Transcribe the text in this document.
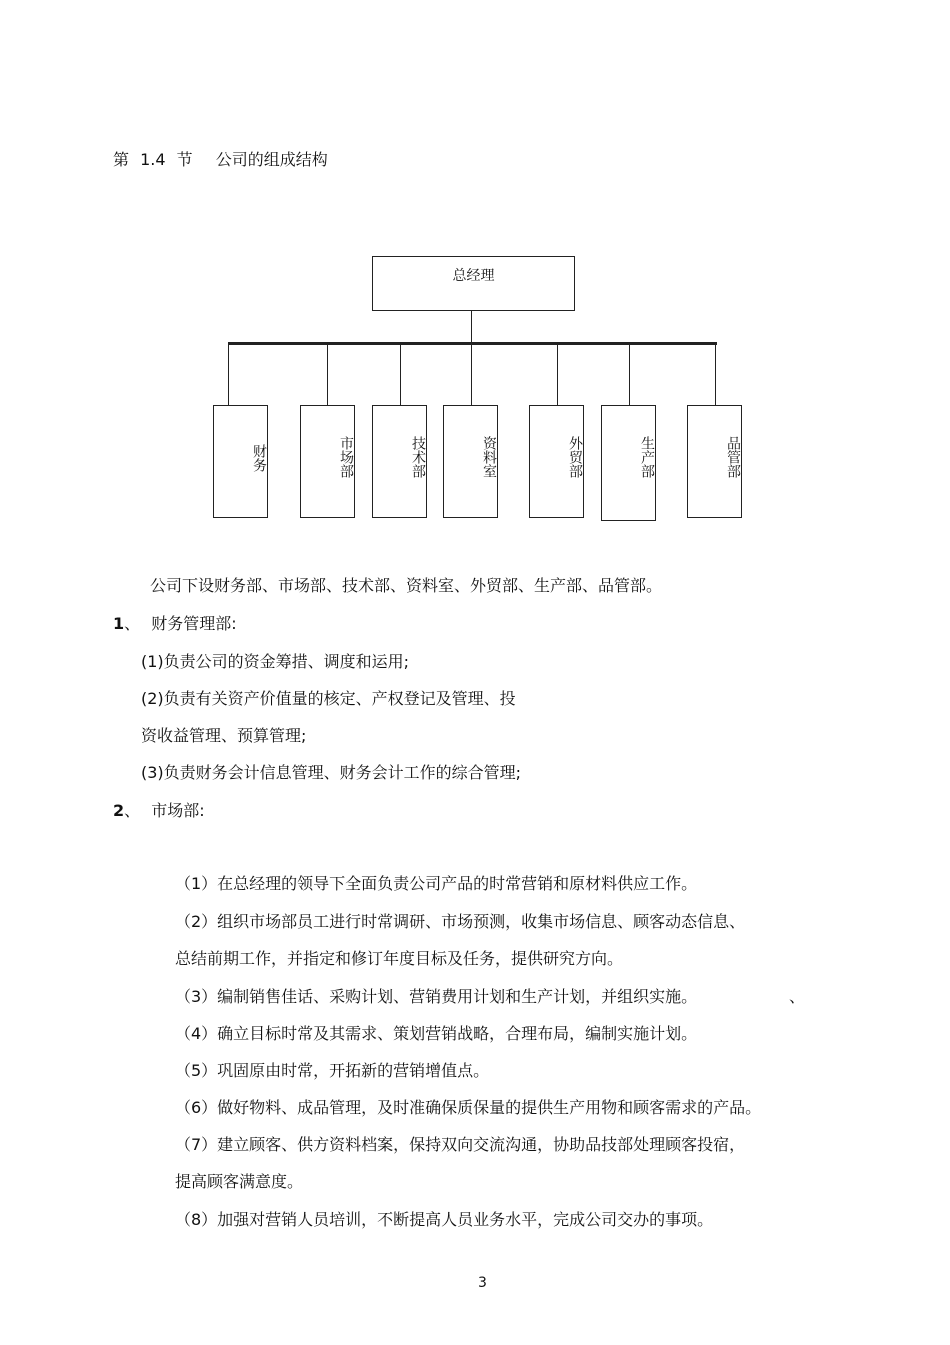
第 1.4 节 公司的组成结构
总经理
财务	市场部	技术部	资料室	外贸部	生产部	品管部
公司下设财务部、市场部、技术部、资料室、外贸部、生产部、品管部。
1、 财务管理部:
(1)负责公司的资金筹措、调度和运用;
(2)负责有关资产价值量的核定、产权登记及管理、投
资收益管理、预算管理;
(3)负责财务会计信息管理、财务会计工作的综合管理;
2、 市场部:
（1）在总经理的领导下全面负责公司产品的时常营销和原材料供应工作。
（2）组织市场部员工进行时常调研、市场预测，收集市场信息、顾客动态信息、
总结前期工作，并指定和修订年度目标及任务，提供研究方向。
（3）编制销售佳话、采购计划、营销费用计划和生产计划，并组织实施。	、
（4）确立目标时常及其需求、策划营销战略，合理布局，编制实施计划。
（5）巩固原由时常，开拓新的营销增值点。
（6）做好物料、成品管理，及时准确保质保量的提供生产用物和顾客需求的产品。
（7）建立顾客、供方资料档案，保持双向交流沟通，协助品技部处理顾客投宿，
提高顾客满意度。
（8）加强对营销人员培训，不断提高人员业务水平，完成公司交办的事项。
3
